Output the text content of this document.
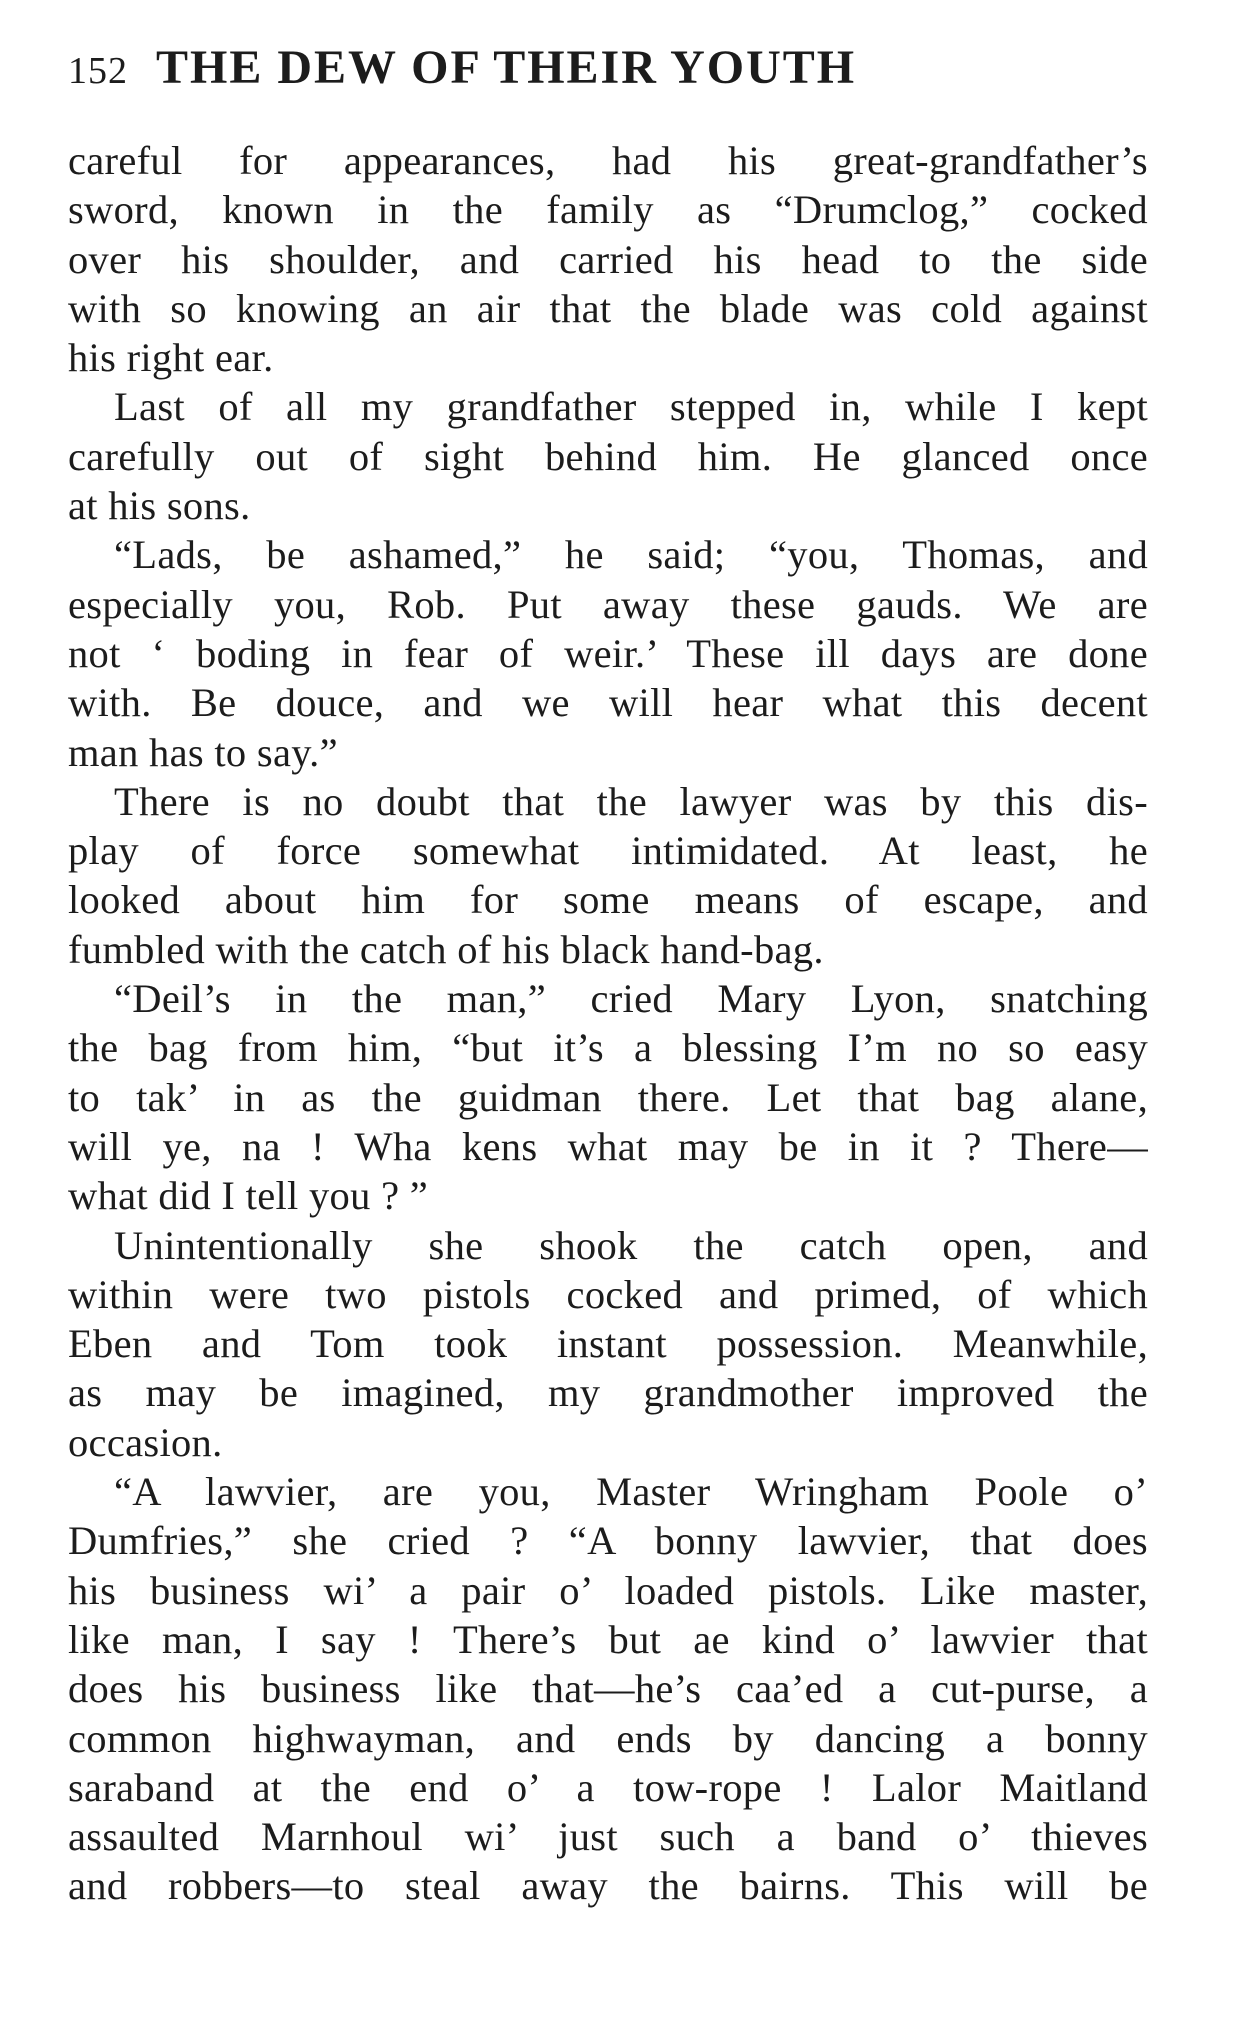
152 THE DEW OF THEIR YOUTH
careful for appearances, had his great-grandfather’s
sword, known in the family as “Drumclog,” cocked
over his shoulder, and carried his head to the side
with so knowing an air that the blade was cold against
his right ear.
Last of all my grandfather stepped in, while I kept
carefully out of sight behind him. He glanced once
at his sons.
“Lads, be ashamed,” he said; “you, Thomas, and
especially you, Rob. Put away these gauds. We are
not ‘ boding in fear of weir.’ These ill days are done
with. Be douce, and we will hear what this decent
man has to say.”
There is no doubt that the lawyer was by this dis-
play of force somewhat intimidated. At least, he
looked about him for some means of escape, and
fumbled with the catch of his black hand-bag.
“Deil’s in the man,” cried Mary Lyon, snatching
the bag from him, “but it’s a blessing I’m no so easy
to tak’ in as the guidman there. Let that bag alane,
will ye, na ! Wha kens what may be in it ? There—
what did I tell you ? ”
Unintentionally she shook the catch open, and
within were two pistols cocked and primed, of which
Eben and Tom took instant possession. Meanwhile,
as may be imagined, my grandmother improved the
occasion.
“A lawvier, are you, Master Wringham Poole o’
Dumfries,” she cried ? “A bonny lawvier, that does
his business wi’ a pair o’ loaded pistols. Like master,
like man, I say ! There’s but ae kind o’ lawvier that
does his business like that—he’s caa’ed a cut-purse, a
common highwayman, and ends by dancing a bonny
saraband at the end o’ a tow-rope ! Lalor Maitland
assaulted Marnhoul wi’ just such a band o’ thieves
and robbers—to steal away the bairns. This will be
